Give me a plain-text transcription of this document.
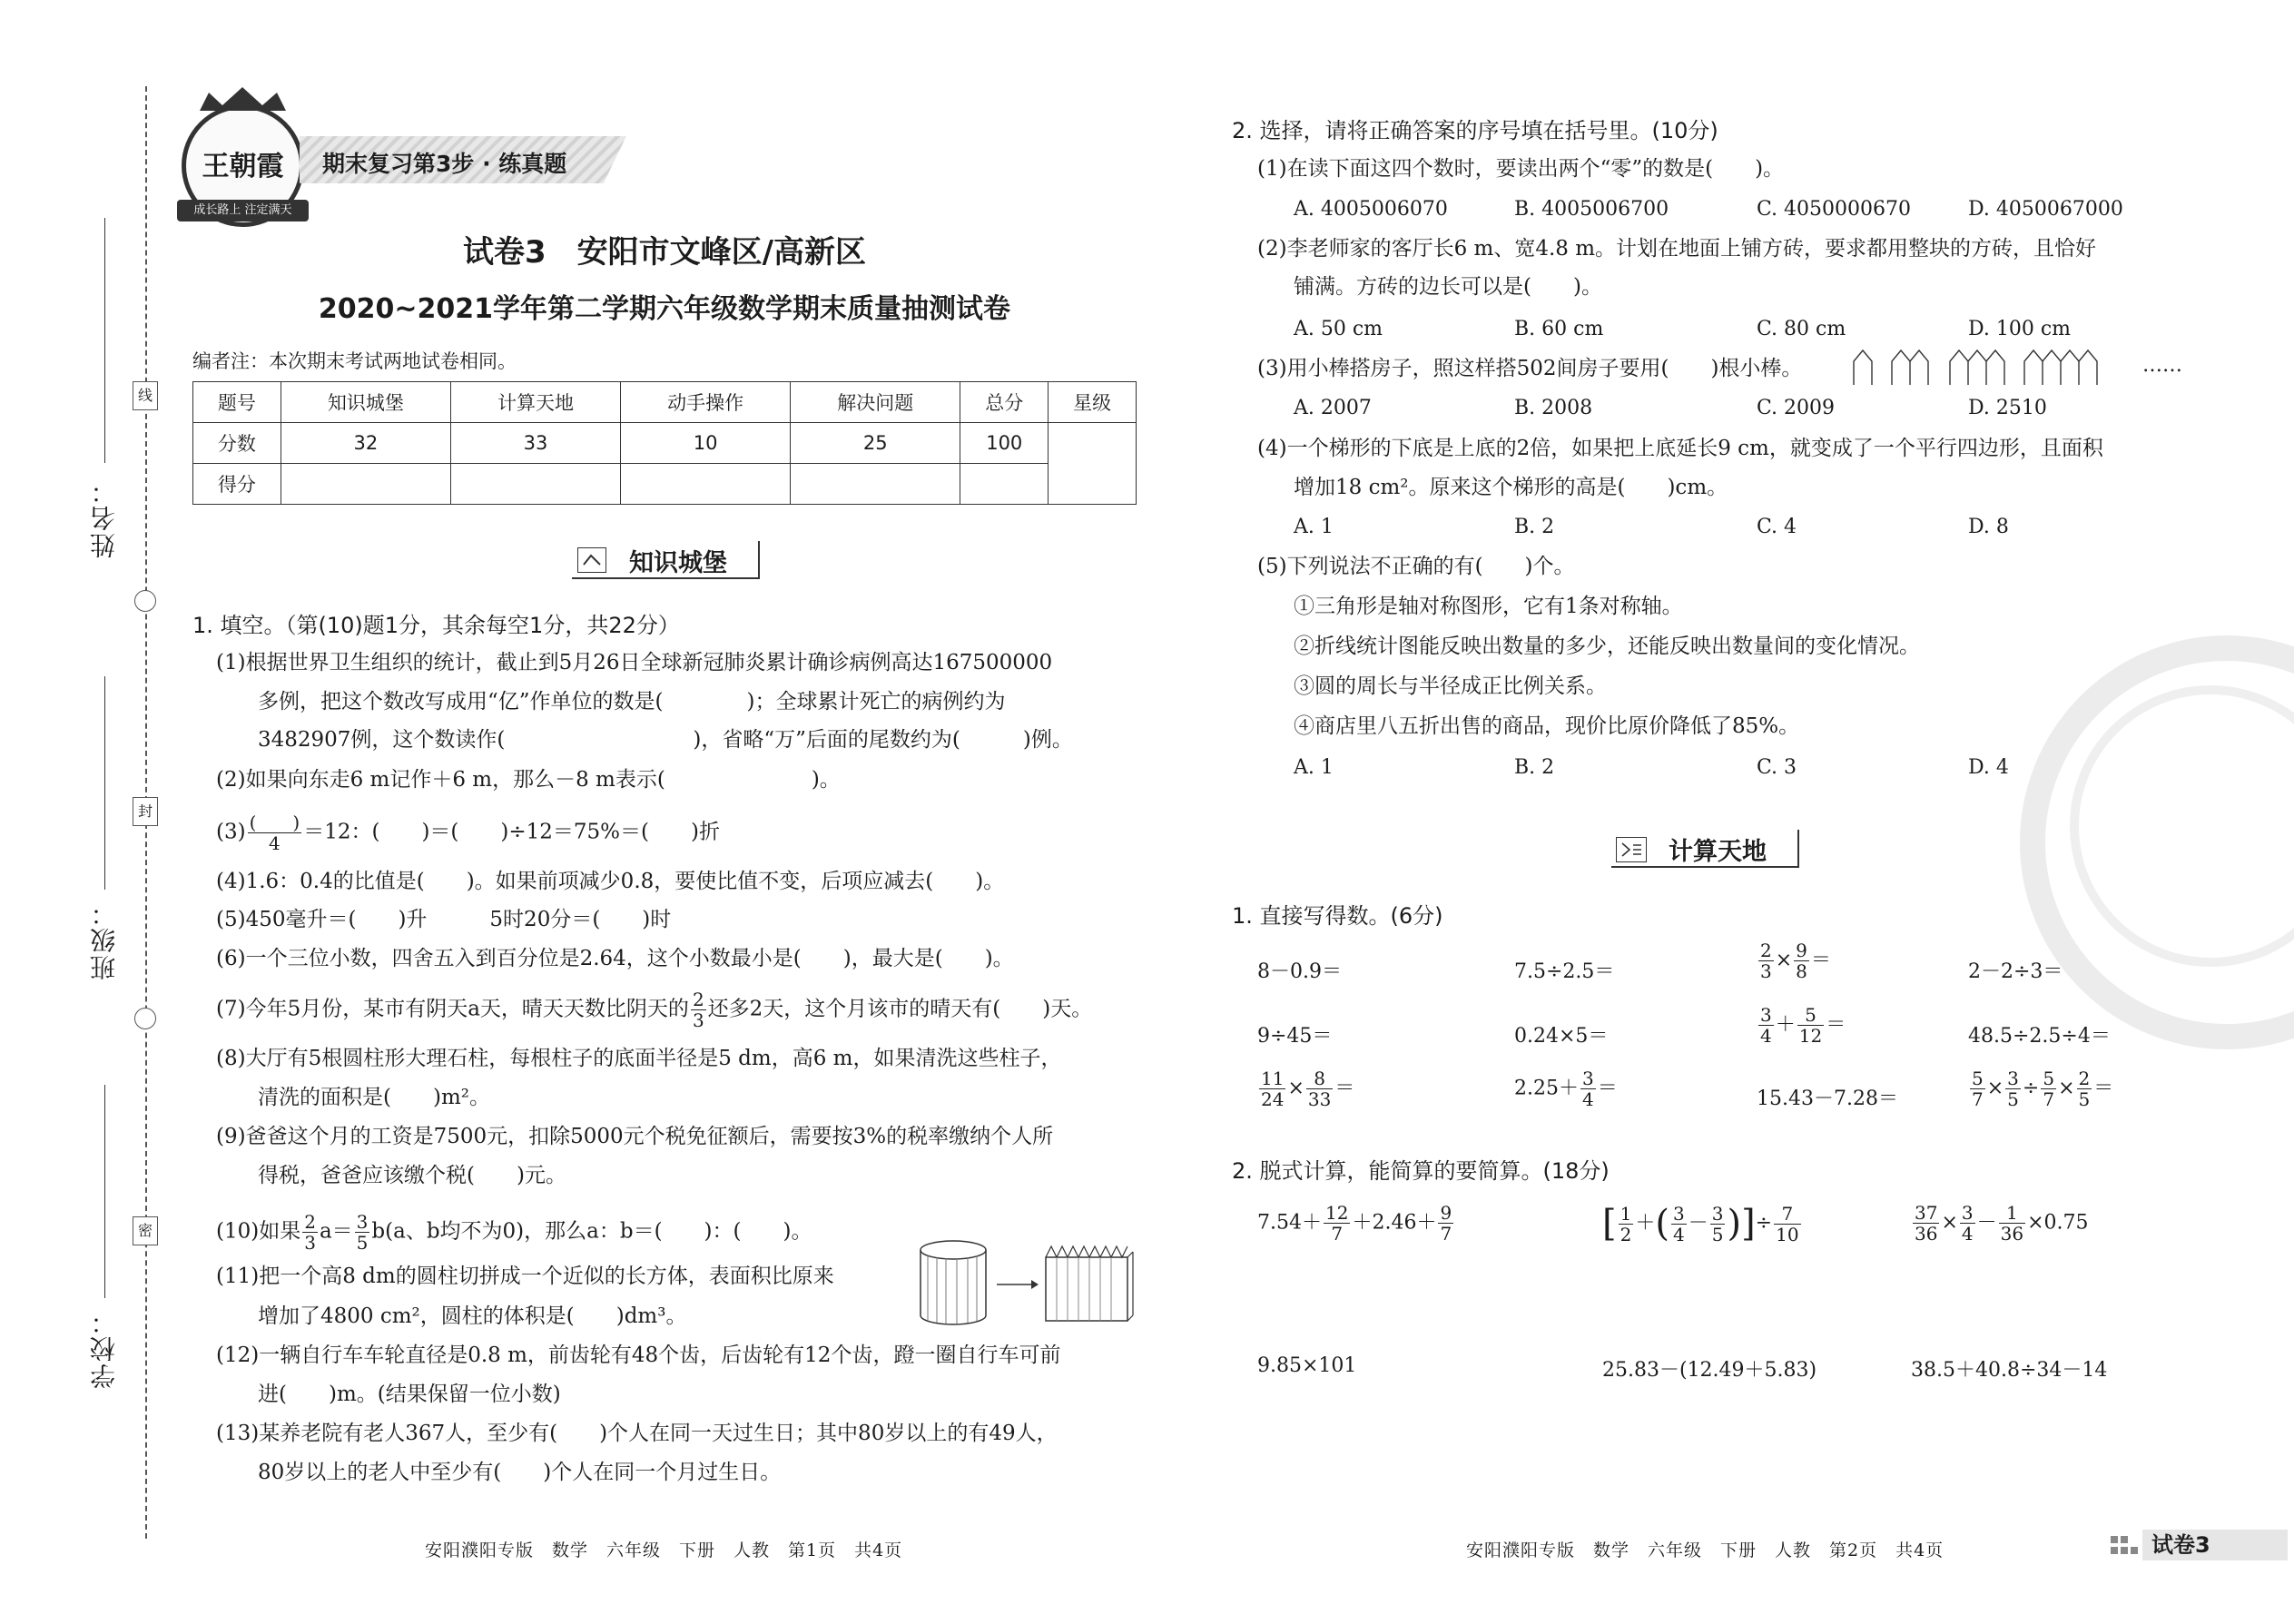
姓名：
班级：
学校：
线
封
密
王朝霞
成长路上 注定满天
期末复习第3步 · 练真题
试卷3　安阳市文峰区/高新区
2020~2021学年第二学期六年级数学期末质量抽测试卷
编者注：本次期末考试两地试卷相同。
题号	知识城堡	计算天地	动手操作	解决问题	总分	星级
分数	32	33	10	25	100	
得分						
知识城堡
1. 填空。（第(10)题1分，其余每空1分，共22分）
(1)根据世界卫生组织的统计，截止到5月26日全球新冠肺炎累计确诊病例高达167500000
多例，把这个数改写成用“亿”作单位的数是(　　　　)；全球累计死亡的病例约为
3482907例，这个数读作(　　　　　　　　　)，省略“万”后面的尾数约为(　　　)例。
(2)如果向东走6 m记作＋6 m，那么－8 m表示(　　　　　　　)。
$(3) \frac{( )}{4} =12$：(　　)＝(　　)÷12＝75%＝(　　)折
(4)1.6：0.4的比值是(　　)。如果前项减少0.8，要使比值不变，后项应减去(　　)。
(5)450毫升＝(　　)升　　　5时20分＝(　　)时
(6)一个三位小数，四舍五入到百分位是2.64，这个小数最小是(　　)，最大是(　　)。
(7)今年5月份，某市有阴天a天，晴天天数比阴天的 $\frac{2}{3}$ 还多2天，这个月该市的晴天有(　　)天。
(8)大厅有5根圆柱形大理石柱，每根柱子的底面半径是5 dm，高6 m，如果清洗这些柱子，
清洗的面积是(　　)m²。
(9)爸爸这个月的工资是7500元，扣除5000元个税免征额后，需要按3%的税率缴纳个人所
得税，爸爸应该缴个税(　　)元。
(10)如果 $\frac{2}{3} a= \frac{3}{5} b(a$、b均不为0)，那么a：b＝(　　)：(　　)。
(11)把一个高8 dm的圆柱切拼成一个近似的长方体，表面积比原来
增加了4800 cm²，圆柱的体积是(　　)dm³。
(12)一辆自行车车轮直径是0.8 m，前齿轮有48个齿，后齿轮有12个齿，蹬一圈自行车可前
进(　　)m。(结果保留一位小数)
(13)某养老院有老人367人，至少有(　　)个人在同一天过生日；其中80岁以上的有49人，
80岁以上的老人中至少有(　　)个人在同一个月过生日。
安阳濮阳专版　数学　六年级　下册　人教　第1页　共4页
2. 选择，请将正确答案的序号填在括号里。(10分)
(1)在读下面这四个数时，要读出两个“零”的数是(　　)。
A. 4005006070	B. 4005006700	C. 4050000670	D. 4050067000
(2)李老师家的客厅长6 m、宽4.8 m。计划在地面上铺方砖，要求都用整块的方砖，且恰好
铺满。方砖的边长可以是(　　)。
A. 50 cm	B. 60 cm	C. 80 cm	D. 100 cm
(3)用小棒搭房子，照这样搭502间房子要用(　　)根小棒。	……
A. 2007	B. 2008	C. 2009	D. 2510
(4)一个梯形的下底是上底的2倍，如果把上底延长9 cm，就变成了一个平行四边形，且面积
增加18 cm²。原来这个梯形的高是(　　)cm。
A. 1	B. 2	C. 4	D. 8
(5)下列说法不正确的有(　　)个。
①三角形是轴对称图形，它有1条对称轴。
②折线统计图能反映出数量的多少，还能反映出数量间的变化情况。
③圆的周长与半径成正比例关系。
④商店里八五折出售的商品，现价比原价降低了85%。
A. 1	B. 2	C. 3	D. 4
计算天地
1. 直接写得数。(6分)
8－0.9＝	7.5÷2.5＝	$\frac{2}{3} \times \frac{9}{8}$ ＝	2－2÷3＝
9÷45＝	0.24×5＝	$\frac{3}{4} + \frac{5}{12}$ ＝	48.5÷2.5÷4＝
$\frac{11}{24} \times \frac{8}{33}$ ＝	$2.25+ \frac{3}{4}$ ＝	15.43－7.28＝	$\frac{5}{7} \times \frac{3}{5} \div \frac{5}{7} \times \frac{2}{5}$ ＝
2. 脱式计算，能简算的要简算。(18分)
$7.54+ \frac{12}{7} +2.46+ \frac{9}{7}$	[ $\frac{1}{2}$ ＋( $\frac{3}{4} - \frac{3}{5}$ )]÷ $\frac{7}{10}$	$\frac{37}{36} \times \frac{3}{4} - \frac{1}{36} \times 0.75$
9.85×101	25.83－(12.49＋5.83)	38.5＋40.8÷34－14
安阳濮阳专版　数学　六年级　下册　人教　第2页　共4页	试卷3
